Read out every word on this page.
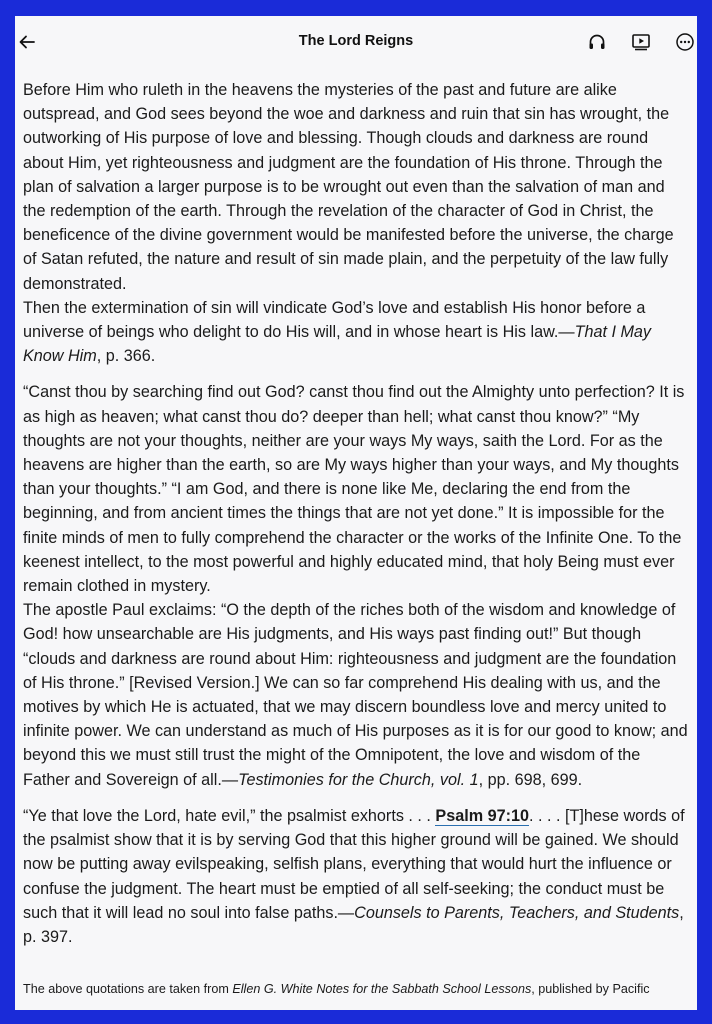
The Lord Reigns

Before Him who ruleth in the heavens the mysteries of the past and future are alike outspread, and God sees beyond the woe and darkness and ruin that sin has wrought, the outworking of His purpose of love and blessing. Though clouds and darkness are round about Him, yet righteousness and judgment are the foundation of His throne. Through the plan of salvation a larger purpose is to be wrought out even than the salvation of man and the redemption of the earth. Through the revelation of the character of God in Christ, the beneficence of the divine government would be manifested before the universe, the charge of Satan refuted, the nature and result of sin made plain, and the perpetuity of the law fully demonstrated.

Then the extermination of sin will vindicate God’s love and establish His honor before a universe of beings who delight to do His will, and in whose heart is His law.—That I May Know Him, p. 366.

“Canst thou by searching find out God? canst thou find out the Almighty unto perfection? It is as high as heaven; what canst thou do? deeper than hell; what canst thou know?” “My thoughts are not your thoughts, neither are your ways My ways, saith the Lord. For as the heavens are higher than the earth, so are My ways higher than your ways, and My thoughts than your thoughts.” “I am God, and there is none like Me, declaring the end from the beginning, and from ancient times the things that are not yet done.” It is impossible for the finite minds of men to fully comprehend the character or the works of the Infinite One. To the keenest intellect, to the most powerful and highly educated mind, that holy Being must ever remain clothed in mystery.

The apostle Paul exclaims: “O the depth of the riches both of the wisdom and knowledge of God! how unsearchable are His judgments, and His ways past finding out!” But though “clouds and darkness are round about Him: righteousness and judgment are the foundation of His throne.” [Revised Version.] We can so far comprehend His dealing with us, and the motives by which He is actuated, that we may discern boundless love and mercy united to infinite power. We can understand as much of His purposes as it is for our good to know; and beyond this we must still trust the might of the Omnipotent, the love and wisdom of the Father and Sovereign of all.—Testimonies for the Church, vol. 1, pp. 698, 699.

“Ye that love the Lord, hate evil,” the psalmist exhorts . . . Psalm 97:10. . . . [T]hese words of the psalmist show that it is by serving God that this higher ground will be gained. We should now be putting away evilspeaking, selfish plans, everything that would hurt the influence or confuse the judgment. The heart must be emptied of all self-seeking; the conduct must be such that it will lead no soul into false paths.—Counsels to Parents, Teachers, and Students, p. 397.

The above quotations are taken from Ellen G. White Notes for the Sabbath School Lessons, published by Pacific
